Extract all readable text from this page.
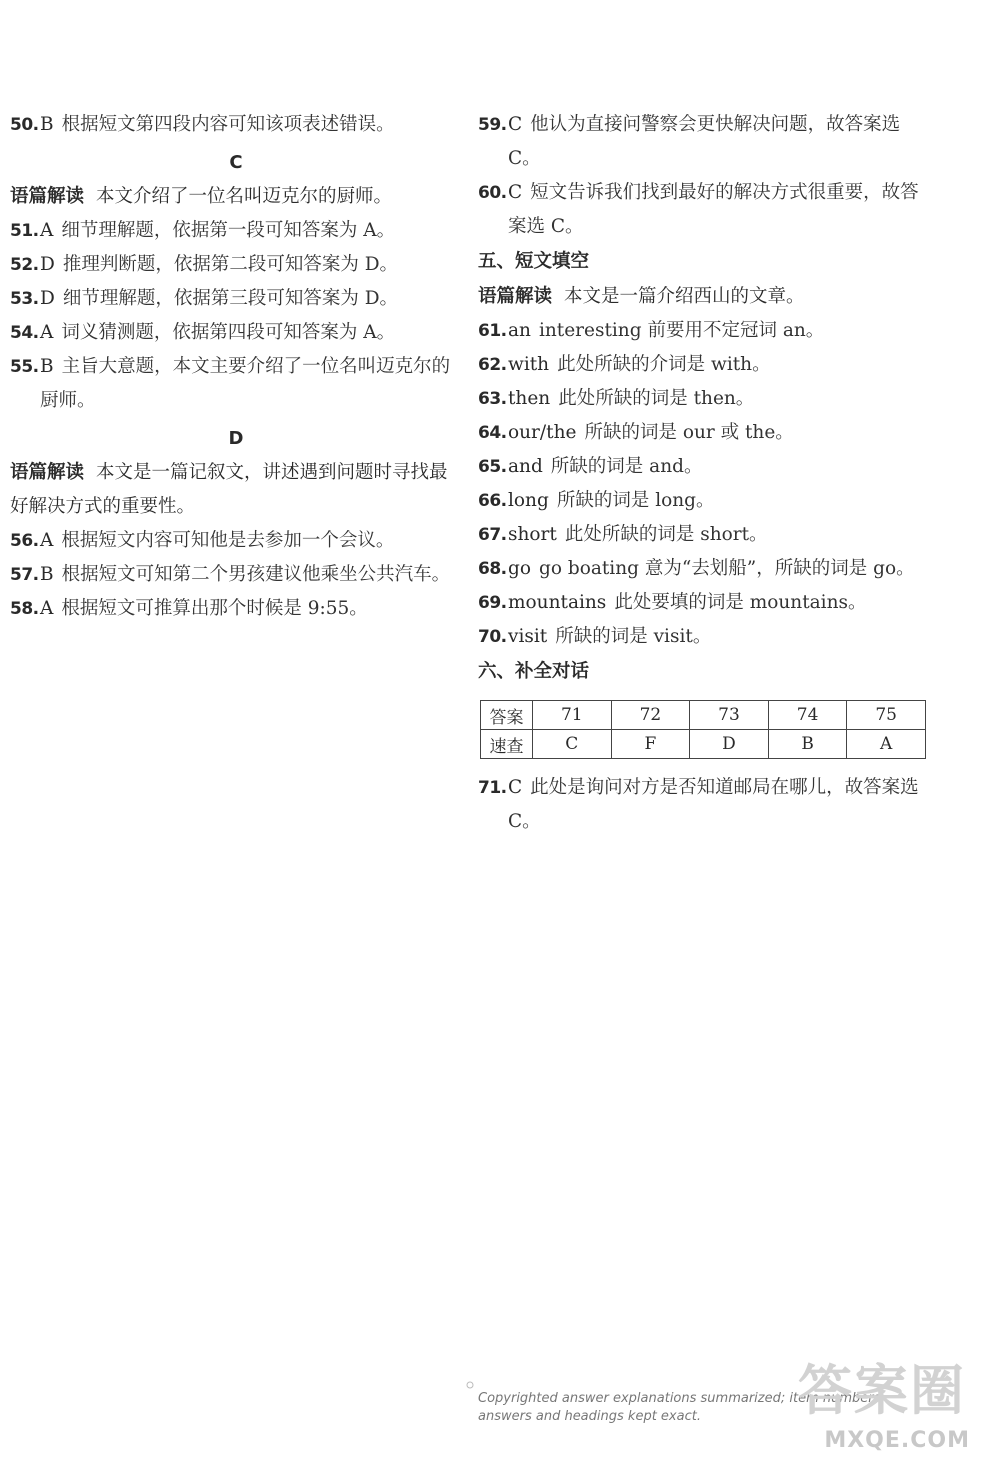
50. B 根据短文第四段内容可知该项表述错误。
C
语篇解读 本文介绍了一位名叫迈克尔的厨师。
51. A 细节理解题，依据第一段可知答案为 A。
52. D 推理判断题，依据第二段可知答案为 D。
53. D 细节理解题，依据第三段可知答案为 D。
54. A 词义猜测题，依据第四段可知答案为 A。
55. B 主旨大意题，本文主要介绍了一位名叫迈克尔的厨师。
D
语篇解读 本文是一篇记叙文，讲述遇到问题时寻找最好解决方式的重要性。
56. A 根据短文内容可知他是去参加一个会议。
57. B 根据短文可知第二个男孩建议他乘坐公共汽车。
58. A 根据短文可推算出那个时候是 9:55。
59. C 他认为直接问警察会更快解决问题，故答案选 C。
60. C 短文告诉我们找到最好的解决方式很重要，故答案选 C。
五、短文填空
语篇解读 本文是一篇介绍西山的文章。
61. an interesting 前要用不定冠词 an。
62. with 此处所缺的介词是 with。
63. then 此处所缺的词是 then。
64. our/the 所缺的词是 our 或 the。
65. and 所缺的词是 and。
66. long 所缺的词是 long。
67. short 此处所缺的词是 short。
68. go go boating 意为“去划船”，所缺的词是 go。
69. mountains 此处要填的词是 mountains。
70. visit 所缺的词是 visit。
六、补全对话
答案	71	72	73	74	75
速查	C	F	D	B	A
71. C 此处是询问对方是否知道邮局在哪儿，故答案选 C。
Copyrighted answer explanations summarized; item numbers, answers and headings kept exact.	答案圈
MXQE.COM
